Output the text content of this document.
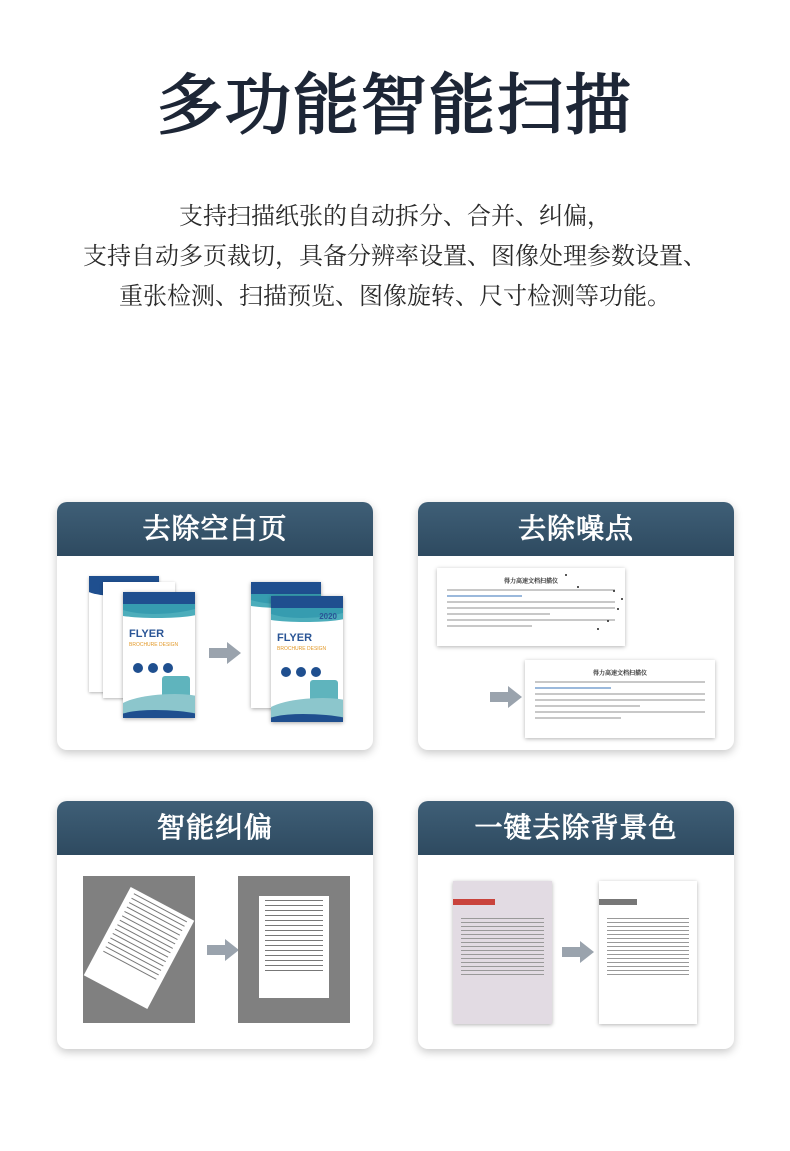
多功能智能扫描
支持扫描纸张的自动拆分、合并、纠偏，
支持自动多页裁切，具备分辨率设置、图像处理参数设置、
重张检测、扫描预览、图像旋转、尺寸检测等功能。
去除空白页
FLYER
BROCHURE DESIGN
2020
FLYER
BROCHURE DESIGN
去除噪点
得力高速文档扫描仪
得力高速文档扫描仪
智能纠偏	一键去除背景色
